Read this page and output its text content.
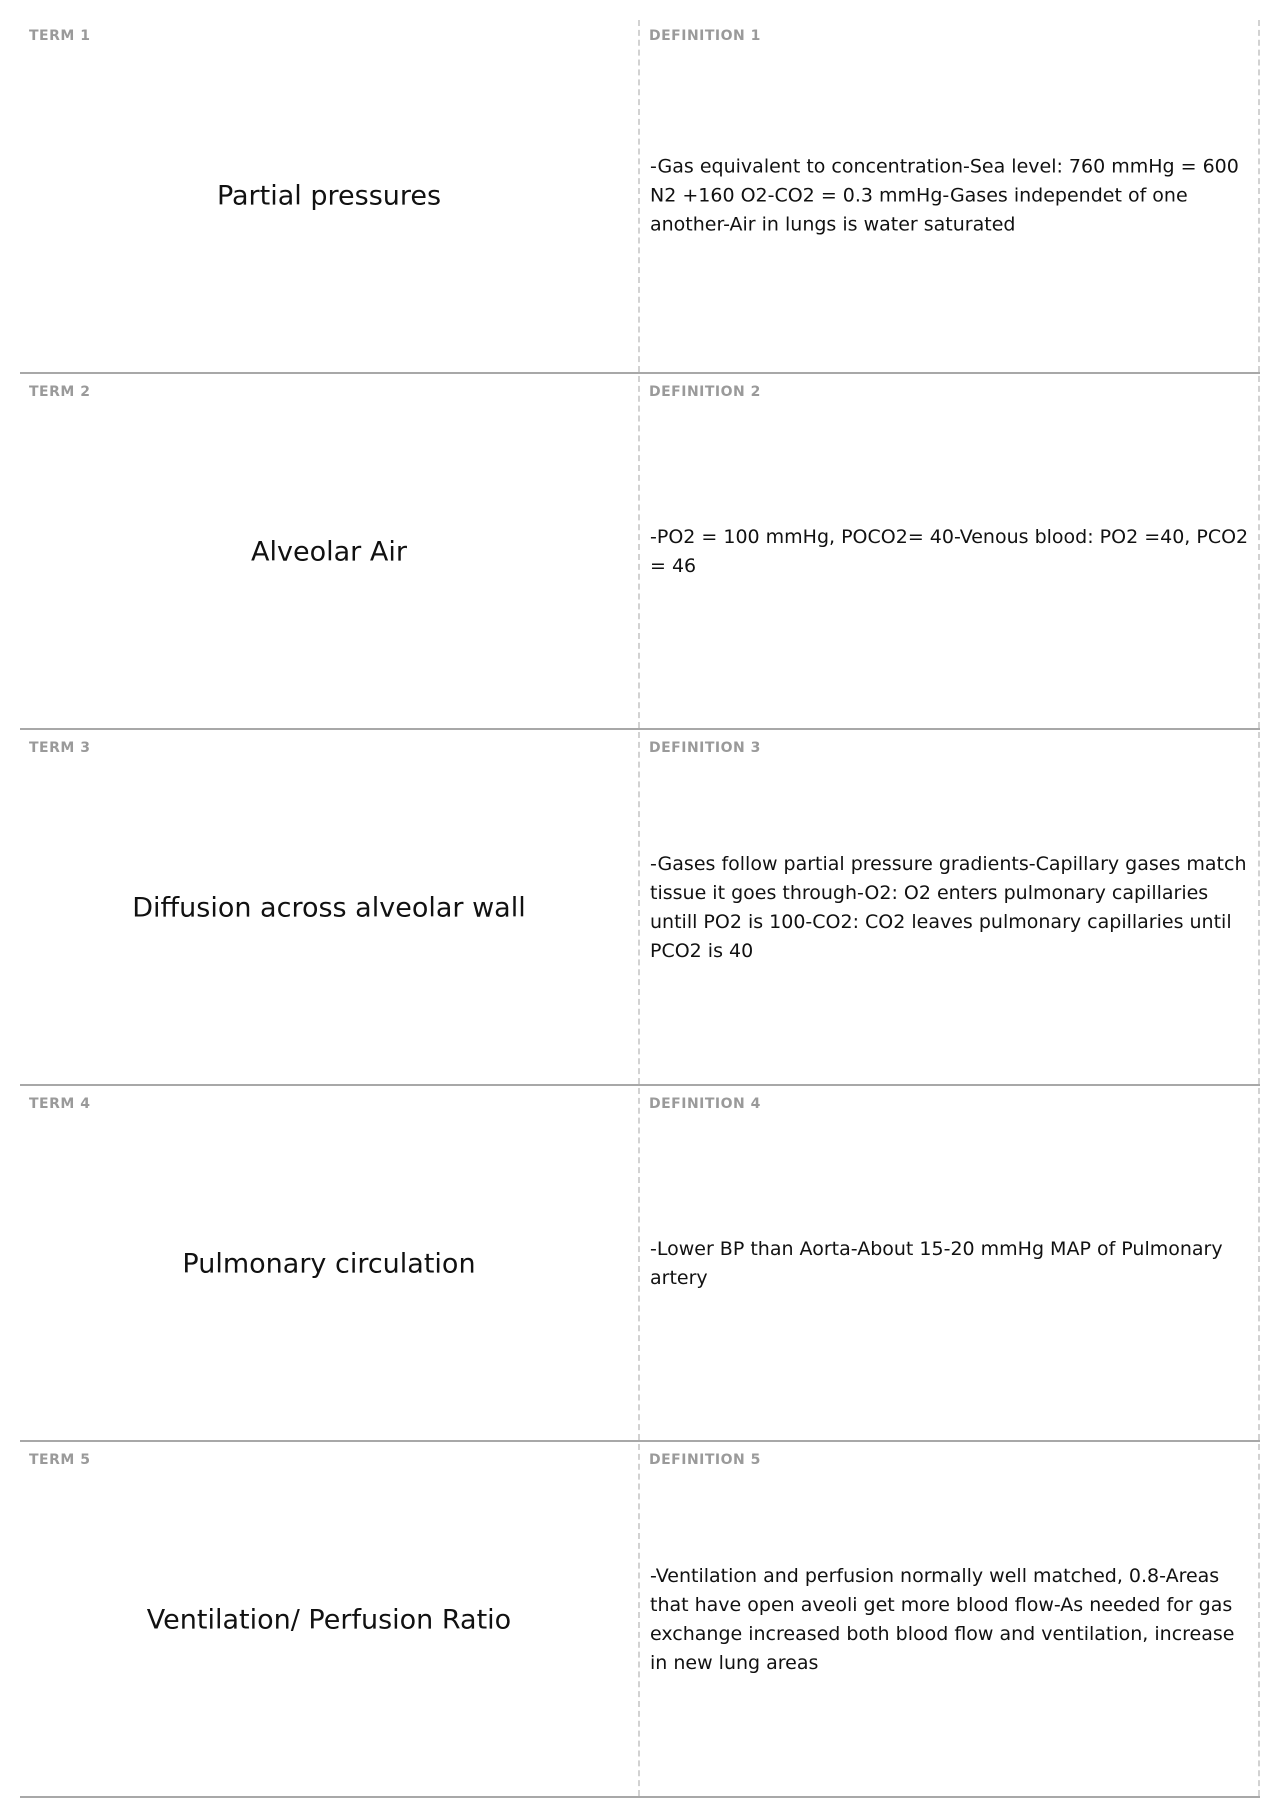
TERM 1
Partial pressures
DEFINITION 1
-Gas equivalent to concentration-Sea level: 760 mmHg = 600 N2 +160 O2-CO2 = 0.3 mmHg-Gases independet of one another-Air in lungs is water saturated
TERM 2
Alveolar Air
DEFINITION 2
-PO2 = 100 mmHg, POCO2= 40-Venous blood: PO2 =40, PCO2 = 46
TERM 3
Diffusion across alveolar wall
DEFINITION 3
-Gases follow partial pressure gradients-Capillary gases match tissue it goes through-O2: O2 enters pulmonary capillaries untill PO2 is 100-CO2: CO2 leaves pulmonary capillaries until PCO2 is 40
TERM 4
Pulmonary circulation
DEFINITION 4
-Lower BP than Aorta-About 15-20 mmHg MAP of Pulmonary artery
TERM 5
Ventilation/ Perfusion Ratio
DEFINITION 5
-Ventilation and perfusion normally well matched, 0.8-Areas that have open aveoli get more blood flow-As needed for gas exchange increased both blood flow and ventilation, increase in new lung areas
